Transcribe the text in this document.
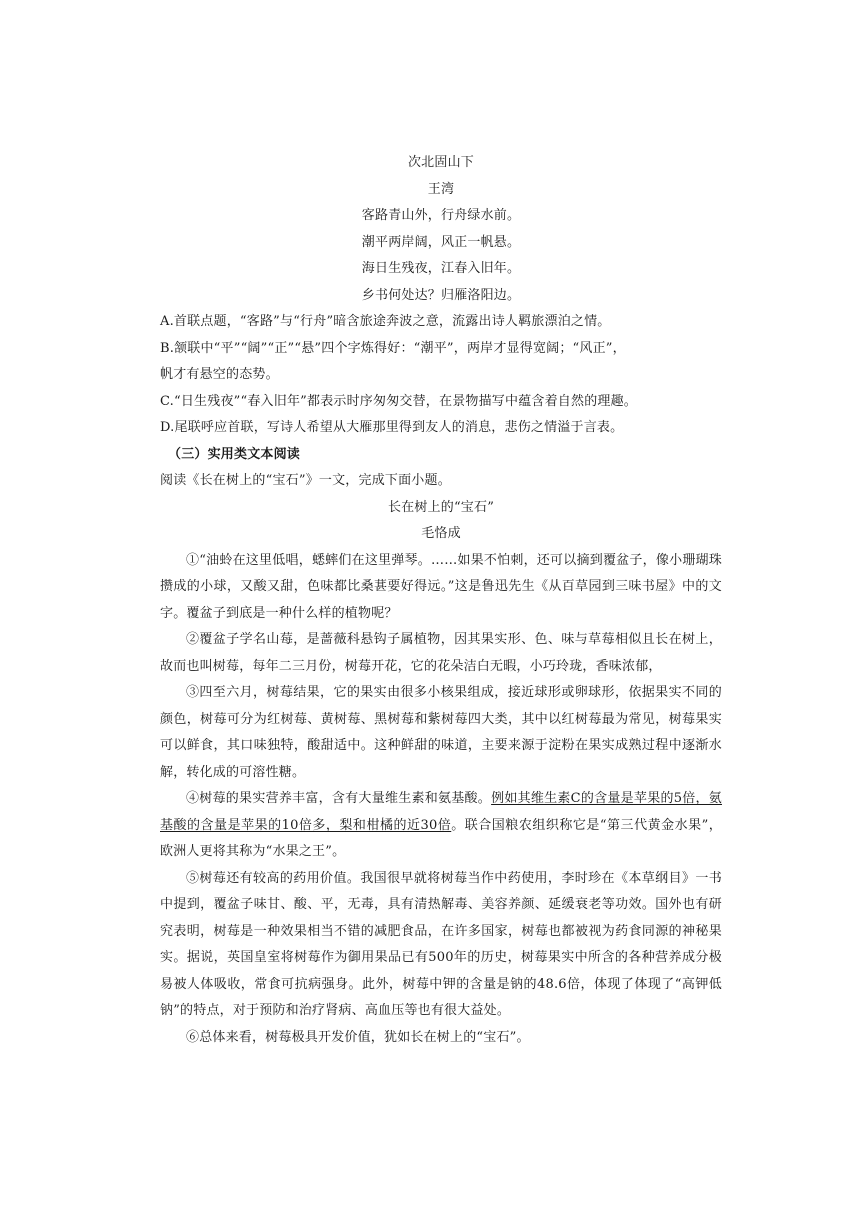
次北固山下
王湾
客路青山外，行舟绿水前。
潮平两岸阔，风正一帆悬。
海日生残夜，江春入旧年。
乡书何处达？归雁洛阳边。

A.首联点题，“客路”与“行舟”暗含旅途奔波之意，流露出诗人羁旅漂泊之情。

B.颔联中“平”“阔”“正”“悬”四个字炼得好：“潮平”，两岸才显得宽阔；“风正”，

帆才有悬空的态势。

C.“日生残夜”“春入旧年”都表示时序匆匆交替，在景物描写中蕴含着自然的理趣。

D.尾联呼应首联，写诗人希望从大雁那里得到友人的消息，悲伤之情溢于言表。

（三）实用类文本阅读

阅读《长在树上的“宝石”》一文，完成下面小题。

长在树上的“宝石”
毛恪成

①“油蛉在这里低唱，蟋蟀们在这里弹琴。……如果不怕刺，还可以摘到覆盆子，像小珊瑚珠攒成的小球，又酸又甜，色味都比桑葚要好得远。”这是鲁迅先生《从百草园到三味书屋》中的文字。覆盆子到底是一种什么样的植物呢？

②覆盆子学名山莓，是蔷薇科悬钩子属植物，因其果实形、色、味与草莓相似且长在树上，故而也叫树莓，每年二三月份，树莓开花，它的花朵洁白无暇，小巧玲珑，香味浓郁，

③四至六月，树莓结果，它的果实由很多小核果组成，接近球形或卵球形，依据果实不同的颜色，树莓可分为红树莓、黄树莓、黑树莓和紫树莓四大类，其中以红树莓最为常见，树莓果实可以鲜食，其口味独特，酸甜适中。这种鲜甜的味道，主要来源于淀粉在果实成熟过程中逐渐水解，转化成的可溶性糖。

④树莓的果实营养丰富，含有大量维生素和氨基酸。例如其维生素C的含量是苹果的5倍，氨基酸的含量是苹果的10倍多，梨和柑橘的近30倍。联合国粮农组织称它是“第三代黄金水果”，欧洲人更将其称为“水果之王”。

⑤树莓还有较高的药用价值。我国很早就将树莓当作中药使用，李时珍在《本草纲目》一书中提到，覆盆子味甘、酸、平，无毒，具有清热解毒、美容养颜、延缓衰老等功效。国外也有研究表明，树莓是一种效果相当不错的减肥食品，在许多国家，树莓也都被视为药食同源的神秘果实。据说，英国皇室将树莓作为御用果品已有500年的历史，树莓果实中所含的各种营养成分极易被人体吸收，常食可抗病强身。此外，树莓中钾的含量是钠的48.6倍，体现了体现了“高钾低钠”的特点，对于预防和治疗肾病、高血压等也有很大益处。

⑥总体来看，树莓极具开发价值，犹如长在树上的“宝石”。
